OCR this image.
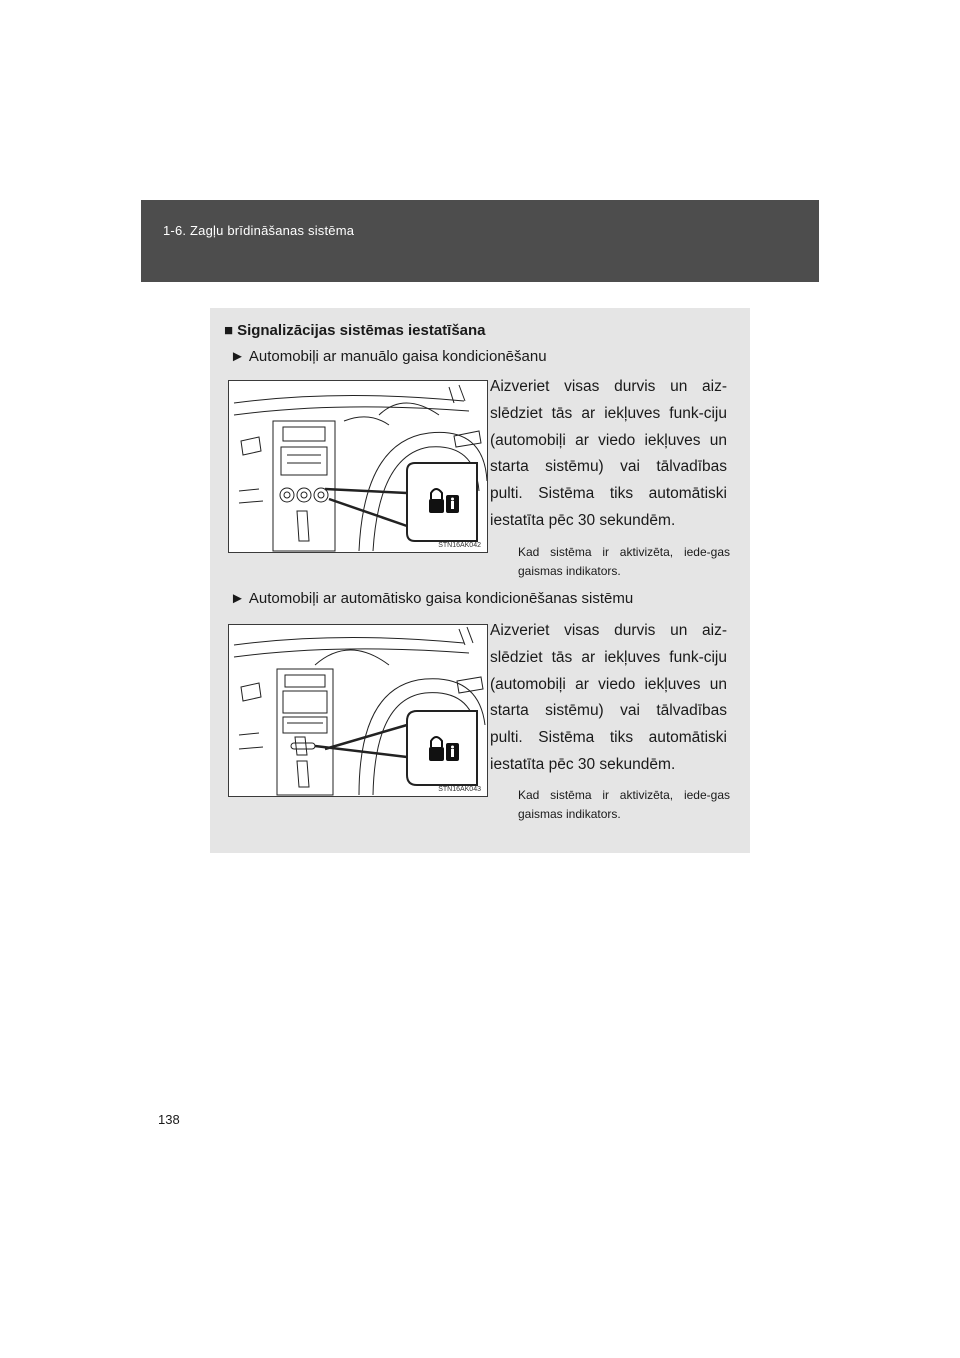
1-6. Zagļu brīdināšanas sistēma
■ Signalizācijas sistēmas iestatīšana
► Automobiļi ar manuālo gaisa kondicionēšanu
STN16AK042
Aizveriet visas durvis un aiz-slēdziet tās ar iekļuves funk-ciju (automobiļi ar viedo iekļuves un starta sistēmu) vai tālvadības pulti. Sistēma tiks automātiski iestatīta pēc 30 sekundēm.
Kad sistēma ir aktivizēta, iede-gas gaismas indikators.
► Automobiļi ar automātisko gaisa kondicionēšanas sistēmu
STN16AK043
Aizveriet visas durvis un aiz-slēdziet tās ar iekļuves funk-ciju (automobiļi ar viedo iekļuves un starta sistēmu) vai tālvadības pulti. Sistēma tiks automātiski iestatīta pēc 30 sekundēm.
Kad sistēma ir aktivizēta, iede-gas gaismas indikators.
138
